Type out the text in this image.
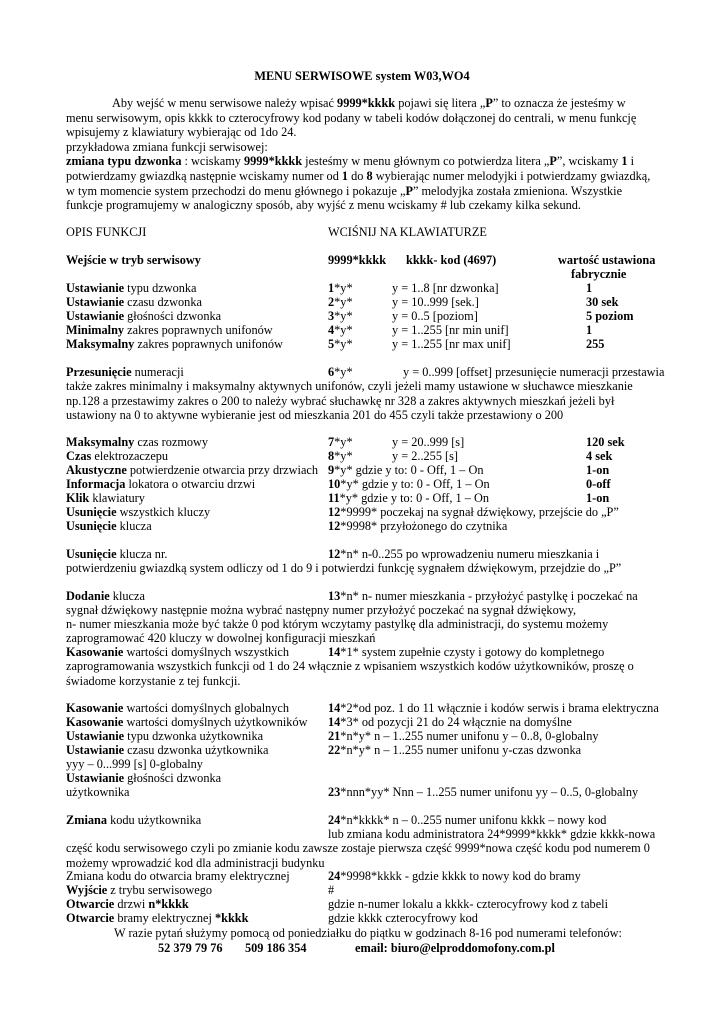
MENU SERWISOWE system W03,WO4
Aby wejść w menu serwisowe należy wpisać 9999*kkkk pojawi się litera „P” to oznacza że jesteśmy w menu serwisowym, opis kkkk to czterocyfrowy kod podany w tabeli kodów dołączonej do centrali, w menu funkcję wpisujemy z klawiatury wybierając od 1do 24.
przykładowa zmiana funkcji serwisowej:
zmiana typu dzwonka : wciskamy 9999*kkkk jesteśmy w menu głównym co potwierdza litera „P”, wciskamy 1 i potwierdzamy gwiazdką następnie wciskamy numer od 1 do 8 wybierając numer melodyjki i potwierdzamy gwiazdką, w tym momencie system przechodzi do menu głównego i pokazuje „P” melodyjka została zmieniona. Wszystkie funkcje programujemy w analogiczny sposób, aby wyjść z menu wciskamy # lub czekamy kilka sekund.
OPIS FUNKCJI	WCIŚNIJ NA KLAWIATURZE
Wejście w tryb serwisowy	9999*kkkk kkkk- kod (4697)	wartość ustawiona
fabrycznie
Ustawianie typu dzwonka	1*y*	y = 1..8 [nr dzwonka]	1
Ustawianie czasu dzwonka	2*y*	y = 10..999 [sek.]	30 sek
Ustawianie głośności dzwonka	3*y*	y = 0..5 [poziom]	5 poziom
Minimalny zakres poprawnych unifonów	4*y*	y = 1..255 [nr min unif]	1
Maksymalny zakres poprawnych unifonów	5*y*	y = 1..255 [nr max unif]	255
Przesunięcie numeracji	6*y*	y = 0..999 [offset] przesunięcie numeracji przestawia
także zakres minimalny i maksymalny aktywnych unifonów, czyli jeżeli mamy ustawione w słuchawce mieszkanie np.128 a przestawimy zakres o 200 to należy wybrać słuchawkę nr 328 a zakres aktywnych mieszkań jeżeli był ustawiony na 0 to aktywne wybieranie jest od mieszkania 201 do 455 czyli także przestawiony o 200
Maksymalny czas rozmowy	7*y*	y = 20..999 [s]	120 sek
Czas elektrozaczepu	8*y*	y = 2..255 [s]	4 sek
Akustyczne potwierdzenie otwarcia przy drzwiach 9*y* gdzie y to: 0 - Off, 1 – On	1-on
Informacja lokatora o otwarciu drzwi	10*y* gdzie y to: 0 - Off, 1 – On	0-off
Klik klawiatury	11*y* gdzie y to: 0 - Off, 1 – On	1-on
Usunięcie wszystkich kluczy	12*9999* poczekaj na sygnał dźwiękowy, przejście do „P”
Usunięcie klucza	12*9998* przyłożonego do czytnika
Usunięcie klucza nr.	12*n* n-0..255 po wprowadzeniu numeru mieszkania i
potwierdzeniu gwiazdką system odliczy od 1 do 9 i potwierdzi funkcję sygnałem dźwiękowym, przejdzie do „P”
Dodanie klucza	13*n* n- numer mieszkania - przyłożyć pastylkę i poczekać na
sygnał dźwiękowy następnie można wybrać następny numer przyłożyć poczekać na sygnał dźwiękowy,
n- numer mieszkania może być także 0 pod którym wczytamy pastylkę dla administracji, do systemu możemy
zaprogramować 420 kluczy w dowolnej konfiguracji mieszkań
Kasowanie wartości domyślnych wszystkich	14*1* system zupełnie czysty i gotowy do kompletnego
zaprogramowania wszystkich funkcji od 1 do 24 włącznie z wpisaniem wszystkich kodów użytkowników, proszę o świadome korzystanie z tej funkcji.
Kasowanie wartości domyślnych globalnych	14*2*od poz. 1 do 11 włącznie i kodów serwis i brama elektryczna
Kasowanie wartości domyślnych użytkowników 14*3* od pozycji 21 do 24 włącznie na domyślne
Ustawianie typu dzwonka użytkownika	21*n*y* n – 1..255 numer unifonu y – 0..8, 0-globalny
Ustawianie czasu dzwonka użytkownika	22*n*y* n – 1..255 numer unifonu y-czas dzwonka
yyy – 0...999 [s] 0-globalny
Ustawianie głośności dzwonka
użytkownika	23*nnn*yy* Nnn – 1..255 numer unifonu yy – 0..5, 0-globalny
Zmiana kodu użytkownika	24*n*kkkk* n – 0..255 numer unifonu kkkk – nowy kod
lub zmiana kodu administratora 24*9999*kkkk* gdzie kkkk-nowa
część kodu serwisowego czyli po zmianie kodu zawsze zostaje pierwsza część 9999*nowa część kodu pod numerem 0 możemy wprowadzić kod dla administracji budynku
Zmiana kodu do otwarcia bramy elektrycznej	24*9998*kkkk - gdzie kkkk to nowy kod do bramy
Wyjście z trybu serwisowego	#
Otwarcie drzwi n*kkkk	gdzie n-numer lokalu a kkkk- czterocyfrowy kod z tabeli
Otwarcie bramy elektrycznej *kkkk	gdzie kkkk czterocyfrowy kod
W razie pytań służymy pomocą od poniedziałku do piątku w godzinach 8-16 pod numerami telefonów:
52 379 79 76 509 186 354	email: biuro@elproddomofony.com.pl
